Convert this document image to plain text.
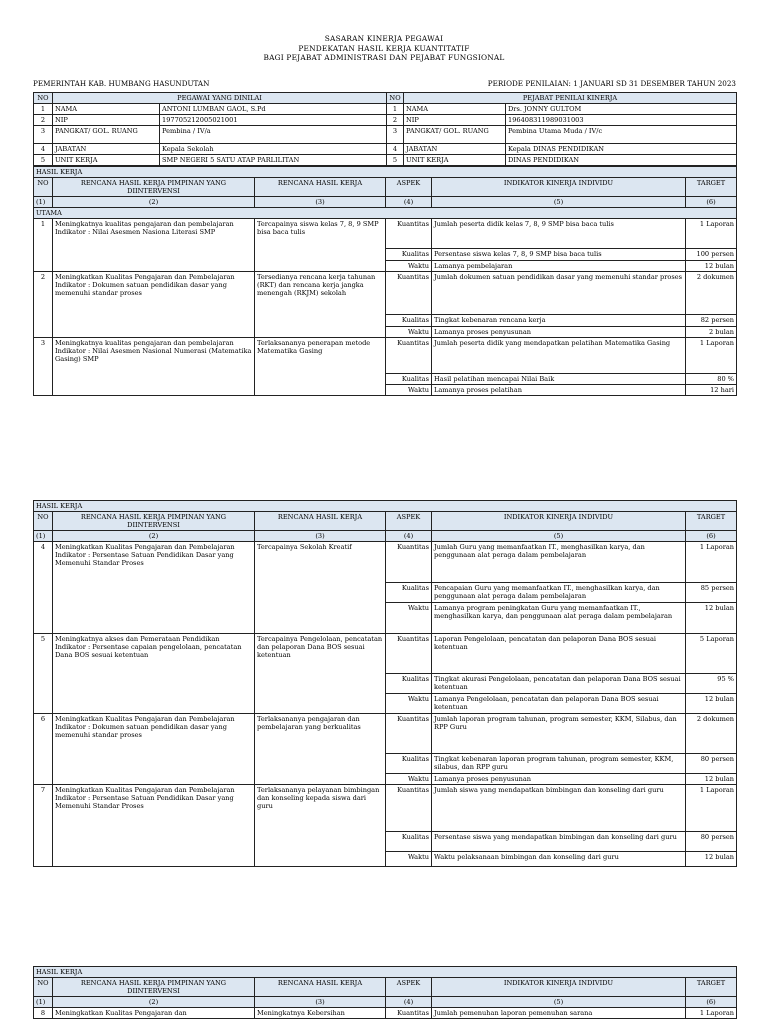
SASARAN KINERJA PEGAWAI
PENDEKATAN HASIL KERJA KUANTITATIF
BAGI PEJABAT ADMINISTRASI DAN PEJABAT FUNGSIONAL
PEMERINTAH KAB. HUMBANG HASUNDUTAN	PERIODE PENILAIAN: 1 JANUARI SD 31 DESEMBER TAHUN 2023
NO	PEGAWAI YANG DINILAI		NO	PEJABAT PENILAI KINERJA	
1	NAMA	ANTONI LUMBAN GAOL, S.Pd	1	NAMA	Drs. JONNY GULTOM
2	NIP	197705212005021001	2	NIP	196408311989031003
3	PANGKAT/ GOL. RUANG	Pembina / IV/a	3	PANGKAT/ GOL. RUANG	Pembina Utama Muda / IV/c
4	JABATAN	Kepala Sekolah	4	JABATAN	Kepala DINAS PENDIDIKAN
5	UNIT KERJA	SMP NEGERI 5 SATU ATAP PARLILITAN	5	UNIT KERJA	DINAS PENDIDIKAN
HASIL KERJA					
NO	RENCANA HASIL KERJA PIMPINAN YANG DIINTERVENSI	RENCANA HASIL KERJA	ASPEK	INDIKATOR KINERJA INDIVIDU	TARGET
(1)	(2)	(3)	(4)	(5)	(6)
UTAMA					
1	Meningkatnya kualitas pengajaran dan pembelajaran Indikator : Nilai Asesmen Nasiona Literasi SMP	Tercapainya siswa kelas 7, 8, 9 SMP bisa baca tulis	Kuantitas	Jumlah peserta didik kelas 7, 8, 9 SMP bisa baca tulis	1 Laporan
			Kualitas	Persentase siswa kelas 7, 8, 9 SMP bisa baca tulis	100 persen
			Waktu	Lamanya pembelajaran	12 bulan
2	Meningkatkan Kualitas Pengajaran dan Pembelajaran Indikator : Dokumen satuan pendidikan dasar yang memenuhi standar proses	Tersedianya rencana kerja tahunan (RKT) dan rencana kerja jangka menengah (RKJM) sekolah	Kuantitas	Jumlah dokumen satuan pendidikan dasar yang memenuhi standar proses	2 dokumen
			Kualitas	Tingkat kebenaran rencana kerja	82 persen
			Waktu	Lamanya proses penyusunan	2 bulan
3	Meningkatnya kualitas pengajaran dan pembelajaran Indikator : Nilai Asesmen Nasional Numerasi (Matematika Gasing) SMP	Terlaksananya penerapan metode Matematika Gasing	Kuantitas	Jumlah peserta didik yang mendapatkan pelatihan Matematika Gasing	1 Laporan
			Kualitas	Hasil pelatihan mencapai Nilai Baik	80 %
			Waktu	Lamanya proses pelatihan	12 hari
HASIL KERJA					
NO	RENCANA HASIL KERJA PIMPINAN YANG DIINTERVENSI	RENCANA HASIL KERJA	ASPEK	INDIKATOR KINERJA INDIVIDU	TARGET
(1)	(2)	(3)	(4)	(5)	(6)
4	Meningkatkan Kualitas Pengajaran dan Pembelajaran Indikator : Persentase Satuan Pendidikan Dasar yang Memenuhi Standar Proses	Tercapainya Sekolah Kreatif	Kuantitas	Jumlah Guru yang memanfaatkan IT., menghasilkan karya, dan penggunaan alat peraga dalam pembelajaran	1 Laporan
			Kualitas	Pencapaian Guru yang memanfaatkan IT., menghasilkan karya, dan penggunaan alat peraga dalam pembelajaran	85 persen
			Waktu	Lamanya program peningkatan Guru yang memanfaatkan IT., menghasilkan karya, dan penggunaan alat peraga dalam pembelajaran	12 bulan
5	Meningkatnya akses dan Pemerataan Pendidikan Indikator : Persentase capaian pengelolaan, pencatatan Dana BOS sesuai ketentuan	Tercapainya Pengelolaan, pencatatan dan pelaporan Dana BOS sesuai ketentuan	Kuantitas	Laporan Pengelolaan, pencatatan dan pelaporan Dana BOS sesuai ketentuan	5 Laporan
			Kualitas	Tingkat akurasi Pengelolaan, pencatatan dan pelaporan Dana BOS sesuai ketentuan	95 %
			Waktu	Lamanya Pengelolaan, pencatatan dan pelaporan Dana BOS sesuai ketentuan	12 bulan
6	Meningkatkan Kualitas Pengajaran dan Pembelajaran Indikator : Dokumen satuan pendidikan dasar yang memenuhi standar proses	Terlaksananya pengajaran dan pembelajaran yang berkualitas	Kuantitas	Jumlah laporan program tahunan, program semester, KKM, Silabus, dan RPP Guru	2 dokumen
			Kualitas	Tingkat kebenaran laporan program tahunan, program semester, KKM, silabus, dan RPP guru	80 persen
			Waktu	Lamanya proses penyusunan	12 bulan
7	Meningkatkan Kualitas Pengajaran dan Pembelajaran Indikator : Persentase Satuan Pendidikan Dasar yang Memenuhi Standar Proses	Terlaksananya pelayanan bimbingan dan konseling kepada siswa dari guru	Kuantitas	Jumlah siswa yang mendapatkan bimbingan dan konseling dari guru	1 Laporan
			Kualitas	Persentase siswa yang mendapatkan bimbingan dan konseling dari guru	80 persen
			Waktu	Waktu pelaksanaan bimbingan dan konseling dari guru	12 bulan
HASIL KERJA					
NO	RENCANA HASIL KERJA PIMPINAN YANG DIINTERVENSI	RENCANA HASIL KERJA	ASPEK	INDIKATOR KINERJA INDIVIDU	TARGET
(1)	(2)	(3)	(4)	(5)	(6)
8	Meningkatkan Kualitas Pengajaran dan	Meningkatnya Kebersihan	Kuantitas	Jumlah pemenuhan laporan pemenuhan sarana	1 Laporan
